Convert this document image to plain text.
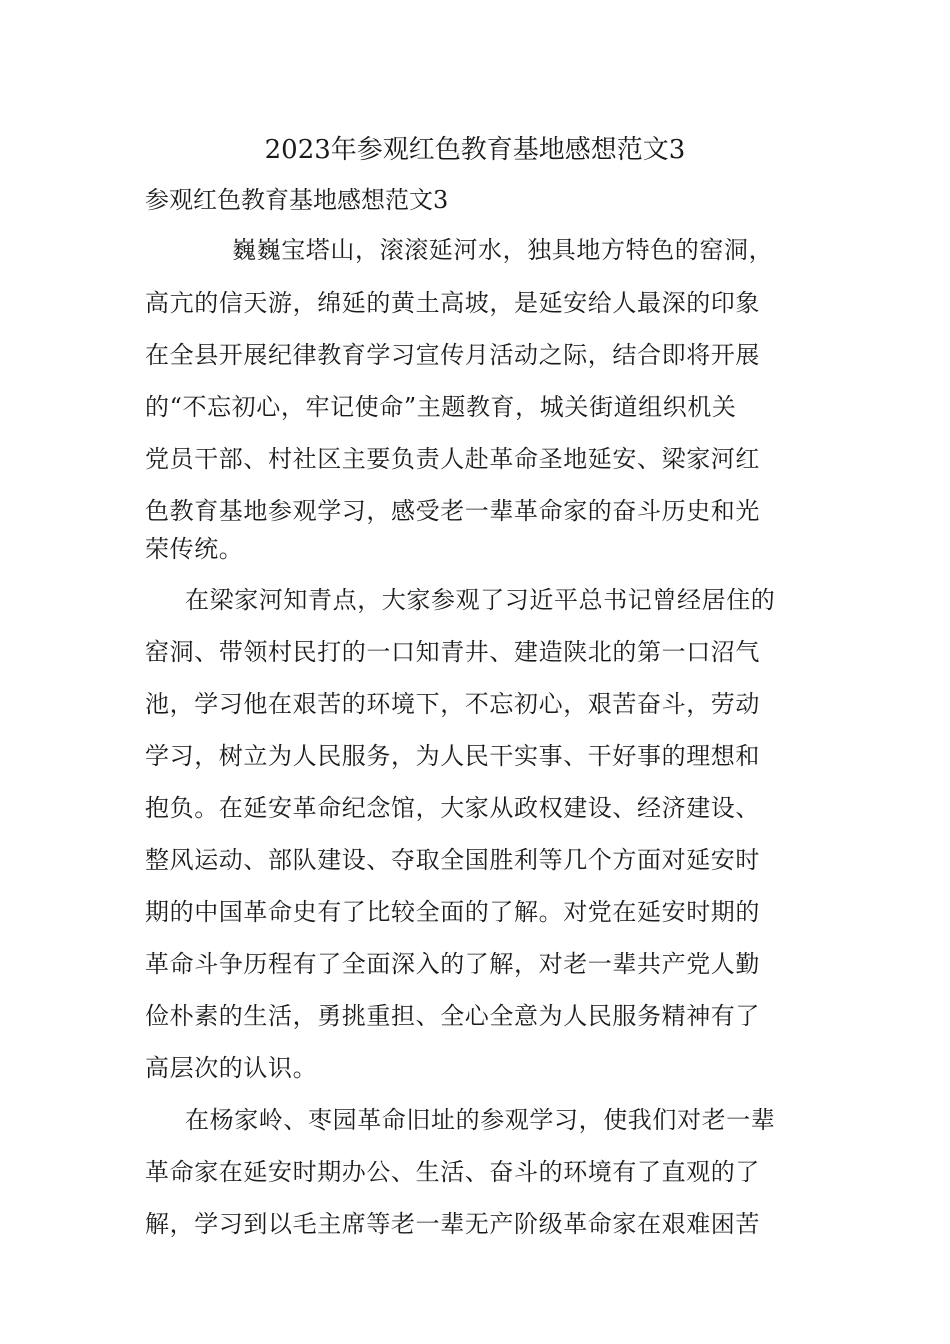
2023年参观红色教育基地感想范文3
参观红色教育基地感想范文3
巍巍宝塔山，滚滚延河水，独具地方特色的窑洞，
高亢的信天游，绵延的黄土高坡，是延安给人最深的印象
在全县开展纪律教育学习宣传月活动之际，结合即将开展
的“不忘初心，牢记使命”主题教育，城关街道组织机关
党员干部、村社区主要负责人赴革命圣地延安、梁家河红
色教育基地参观学习，感受老一辈革命家的奋斗历史和光
荣传统。
在梁家河知青点，大家参观了习近平总书记曾经居住的
窑洞、带领村民打的一口知青井、建造陕北的第一口沼气
池，学习他在艰苦的环境下，不忘初心，艰苦奋斗，劳动
学习，树立为人民服务，为人民干实事、干好事的理想和
抱负。在延安革命纪念馆，大家从政权建设、经济建设、
整风运动、部队建设、夺取全国胜利等几个方面对延安时
期的中国革命史有了比较全面的了解。对党在延安时期的
革命斗争历程有了全面深入的了解，对老一辈共产党人勤
俭朴素的生活，勇挑重担、全心全意为人民服务精神有了
高层次的认识。
在杨家岭、枣园革命旧址的参观学习，使我们对老一辈
革命家在延安时期办公、生活、奋斗的环境有了直观的了
解，学习到以毛主席等老一辈无产阶级革命家在艰难困苦
